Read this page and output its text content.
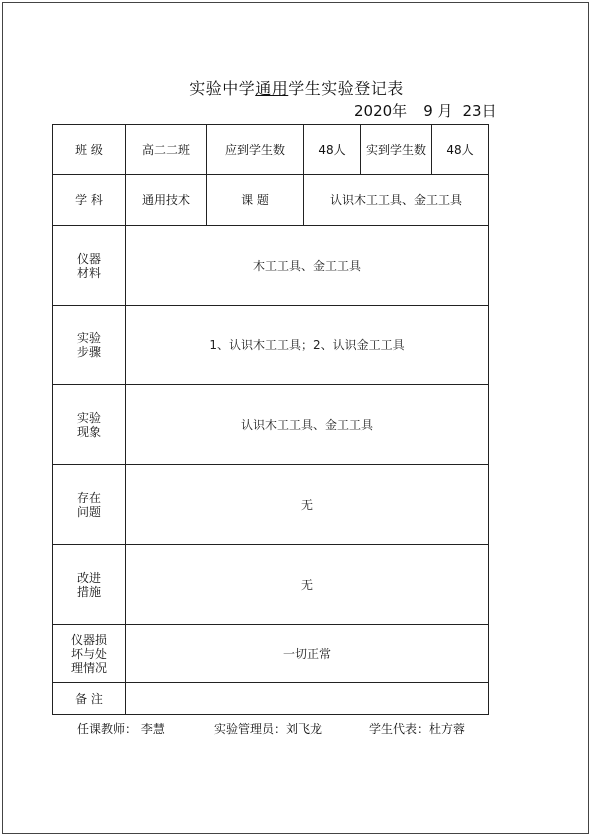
实验中学通用学生实验登记表
2020年 9 月 23日
班 级	高二二班	应到学生数	48人	实到学生数	48人
学 科	通用技术	课 题	认识木工工具、金工工具		
仪器材料	木工工具、金工工具				
实验步骤	1、认识木工工具；2、认识金工工具				
实验现象	认识木工工具、金工工具				
存在问题	无				
改进措施	无				
仪器损坏与处理情况	一切正常				
备 注					
任课教师： 李慧	实验管理员：刘飞龙	学生代表：杜方蓉
